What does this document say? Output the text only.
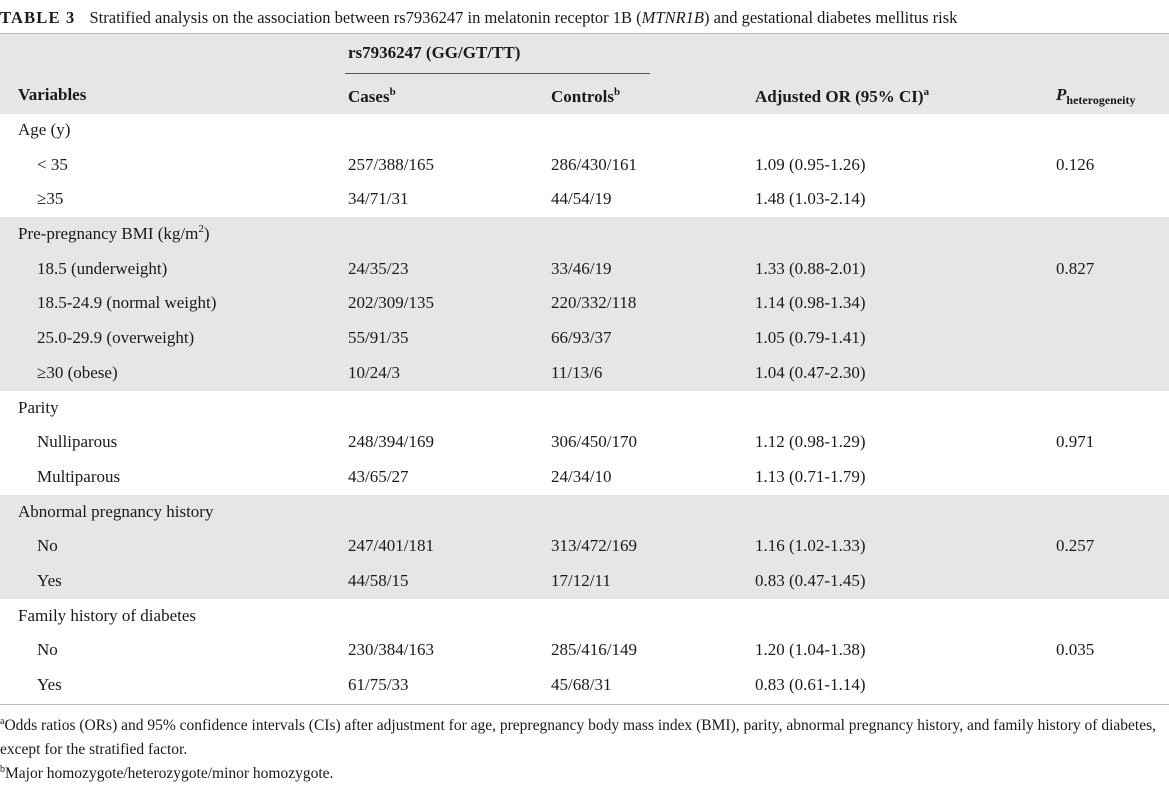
TABLE 3 Stratified analysis on the association between rs7936247 in melatonin receptor 1B (MTNR1B) and gestational diabetes mellitus risk
rs7936247 (GG/GT/TT)
Variables	Cases$^b$	Controls$^b$	Adjusted OR (95% CI)$^a$	$P_{heterogeneity}$
Age (y)
< 35	257/388/165	286/430/161	1.09 (0.95-1.26)	0.126
≥35	34/71/31	44/54/19	1.48 (1.03-2.14)
Pre-pregnancy BMI $(kg/m^2)$
18.5 (underweight)	24/35/23	33/46/19	1.33 (0.88-2.01)	0.827
18.5-24.9 (normal weight)	202/309/135	220/332/118	1.14 (0.98-1.34)
25.0-29.9 (overweight)	55/91/35	66/93/37	1.05 (0.79-1.41)
≥30 (obese)	10/24/3	11/13/6	1.04 (0.47-2.30)
Parity
Nulliparous	248/394/169	306/450/170	1.12 (0.98-1.29)	0.971
Multiparous	43/65/27	24/34/10	1.13 (0.71-1.79)
Abnormal pregnancy history
No	247/401/181	313/472/169	1.16 (1.02-1.33)	0.257
Yes	44/58/15	17/12/11	0.83 (0.47-1.45)
Family history of diabetes
No	230/384/163	285/416/149	1.20 (1.04-1.38)	0.035
Yes	61/75/33	45/68/31	0.83 (0.61-1.14)
$^a$Odds ratios (ORs) and 95% confidence intervals (CIs) after adjustment for age, prepregnancy body mass index (BMI), parity, abnormal pregnancy history, and family history of diabetes, except for the stratified factor.
$^b$Major homozygote/heterozygote/minor homozygote.
